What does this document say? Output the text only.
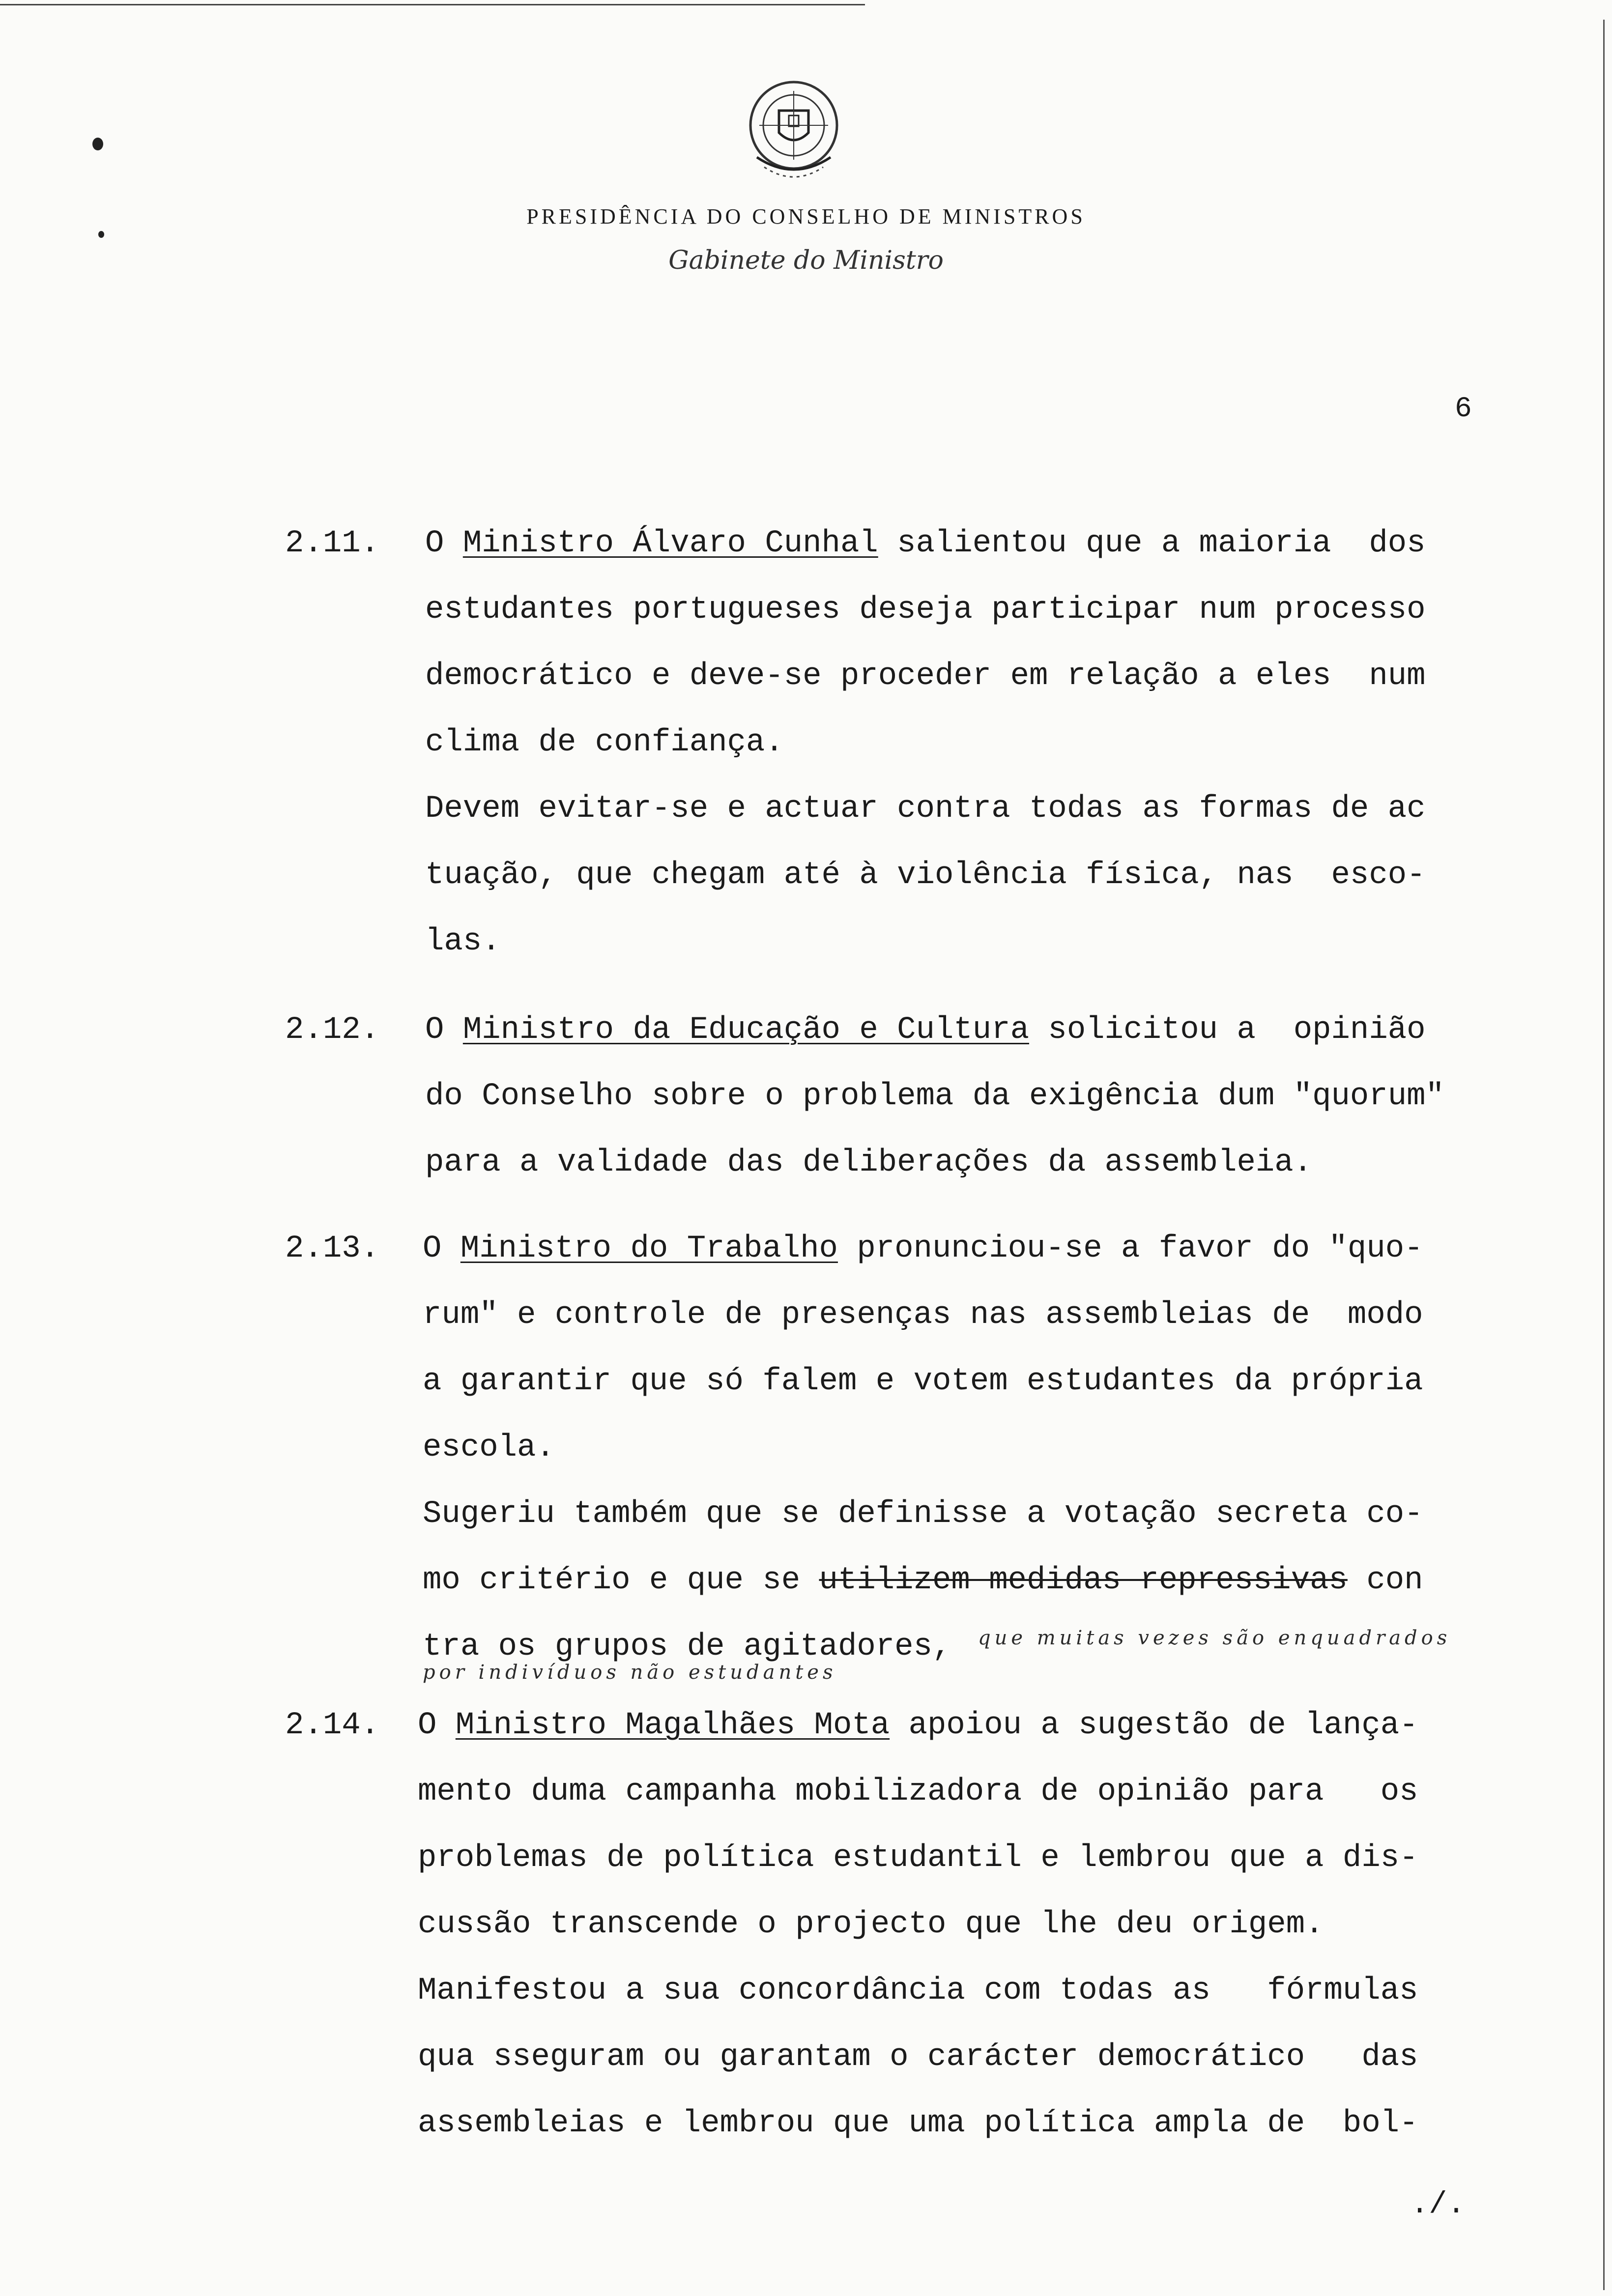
PRESIDÊNCIA DO CONSELHO DE MINISTROS
Gabinete do Ministro
6
2.11. O Ministro Álvaro Cunhal salientou que a maioria  dos
estudantes portugueses deseja participar num processo
democrático e deve-se proceder em relação a eles  num
clima de confiança.
Devem evitar-se e actuar contra todas as formas de ac
tuação, que chegam até à violência física, nas  esco-
las.
2.12. O Ministro da Educação e Cultura solicitou a  opinião
do Conselho sobre o problema da exigência dum "quorum"
para a validade das deliberações da assembleia.
2.13. O Ministro do Trabalho pronunciou-se a favor do "quo-
rum" e controle de presenças nas assembleias de  modo
a garantir que só falem e votem estudantes da própria
escola.
Sugeriu também que se definisse a votação secreta co-
mo critério e que se utilizem medidas repressivas con
tra os grupos de agitadores, que muitas vezes são enquadrados
por indivíduos não estudantes
2.14. O Ministro Magalhães Mota apoiou a sugestão de lança-
mento duma campanha mobilizadora de opinião para   os
problemas de política estudantil e lembrou que a dis-
cussão transcende o projecto que lhe deu origem.
Manifestou a sua concordância com todas as   fórmulas
qua sseguram ou garantam o carácter democrático   das
assembleias e lembrou que uma política ampla de  bol-
./.
